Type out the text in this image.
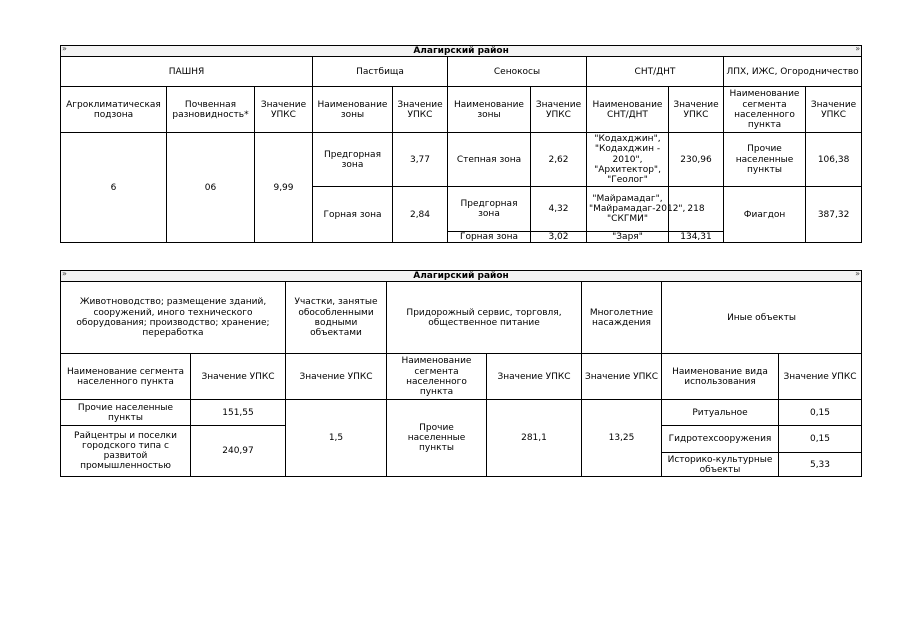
» Алагирский район »										

ПАШНЯ			Пастбища		Сенокосы		СНТ/ДНТ		ЛПХ, ИЖС, Огородничество	
Агроклиматическая подзона	Почвенная разновидность*	Значение УПКС	Наименование зоны	Значение УПКС	Наименование зоны	Значение УПКС	Наименование СНТ/ДНТ	Значение УПКС	Наименование сегмента населенного пункта	Значение УПКС
6	06	9,99	Предгорная зона	3,77	Степная зона	2,62	"Кодахджин", "Кодахджин - 2010", "Архитектор", "Геолог"	230,96	Прочие населенные пункты	106,38
			Горная зона	2,84	Предгорная зона	4,32	"Майрамадаг", "Майрамадаг-2012", "СКГМИ"	218	Фиагдон	387,32
					Горная зона	3,02	"Заря"	134,31		
» Алагирский район »							

Животноводство; размещение зданий, сооружений, иного технического оборудования; производство; хранение; переработка		Участки, занятые обособленными водными объектами	Придорожный сервис, торговля, общественное питание		Многолетние насаждения	Иные объекты	
Наименование сегмента населенного пункта	Значение УПКС	Значение УПКС	Наименование сегмента населенного пункта	Значение УПКС	Значение УПКС	Наименование вида использования	Значение УПКС
Прочие населенные пункты	151,55	1,5	Прочие населенные пункты	281,1	13,25	Ритуальное	0,15
Райцентры и поселки городского типа с развитой промышленностью	240,97					Гидротехсооружения	0,15
						Историко-культурные объекты	5,33
